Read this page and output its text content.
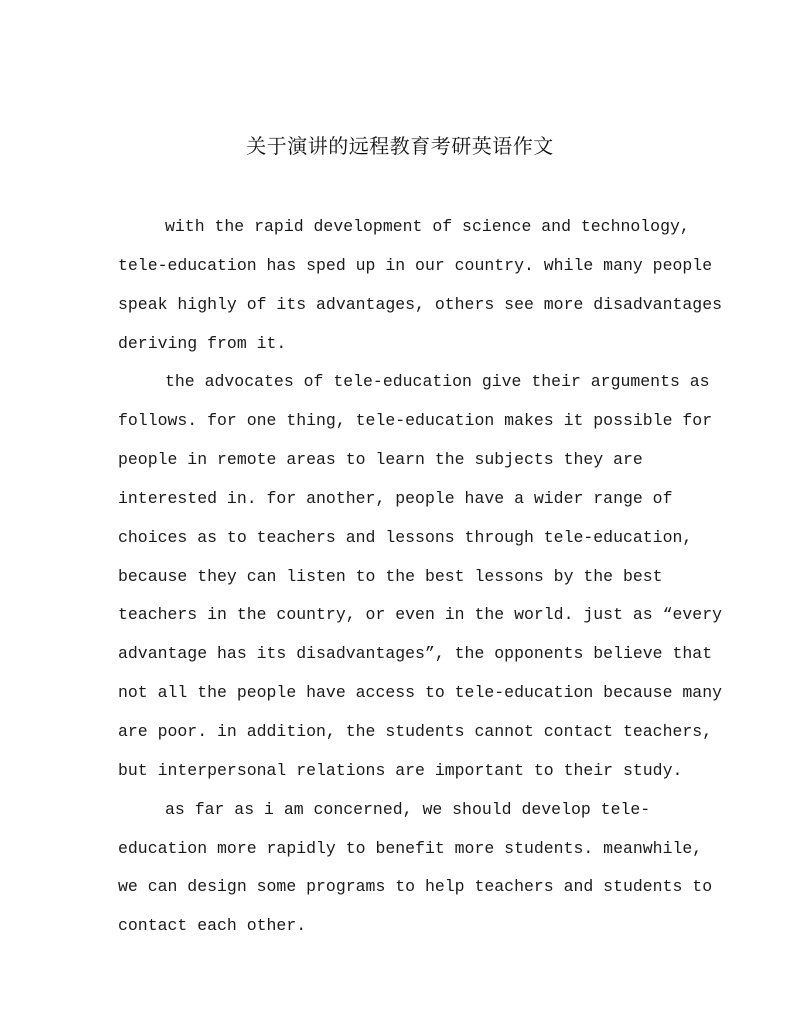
关于演讲的远程教育考研英语作文
with the rapid development of science and technology,
tele-education has sped up in our country. while many people
speak highly of its advantages, others see more disadvantages
deriving from it.
the advocates of tele-education give their arguments as
follows. for one thing, tele-education makes it possible for
people in remote areas to learn the subjects they are
interested in. for another, people have a wider range of
choices as to teachers and lessons through tele-education,
because they can listen to the best lessons by the best
teachers in the country, or even in the world. just as “every
advantage has its disadvantages”, the opponents believe that
not all the people have access to tele-education because many
are poor. in addition, the students cannot contact teachers,
but interpersonal relations are important to their study.
as far as i am concerned, we should develop tele-
education more rapidly to benefit more students. meanwhile,
we can design some programs to help teachers and students to
contact each other.
